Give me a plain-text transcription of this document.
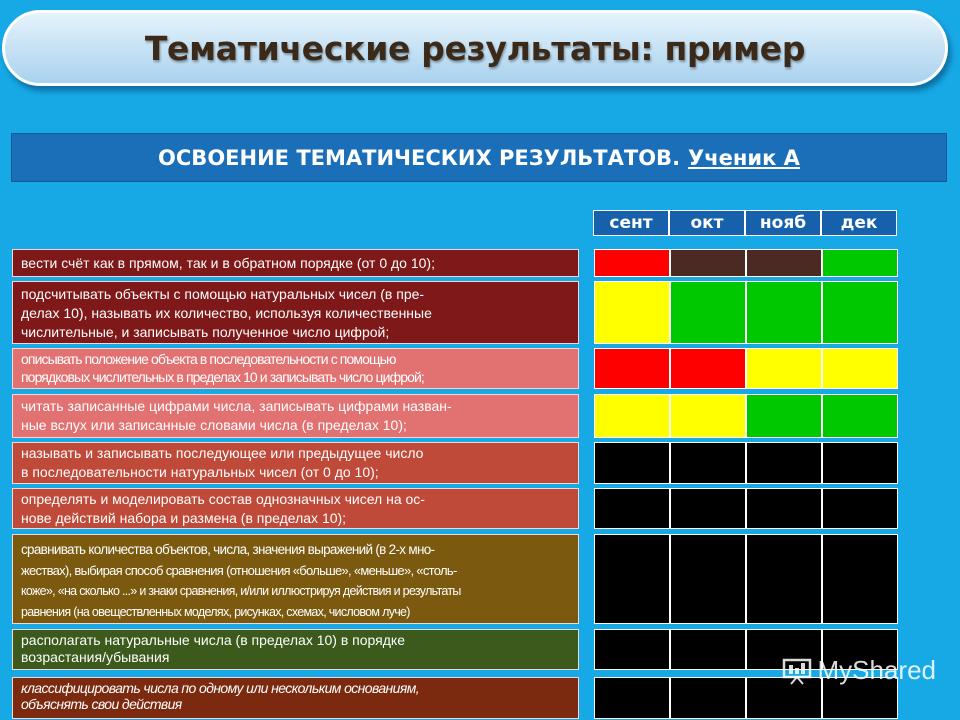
Тематические результаты: пример
ОСВОЕНИЕ ТЕМАТИЧЕСКИХ РЕЗУЛЬТАТОВ. Ученик А
сент	окт	нояб	дек
вести счёт как в прямом, так и в обратном порядке (от 0 до 10);
подсчитывать объекты с помощью натуральных чисел (в пре-
делах 10), называть их количество, используя количественные
числительные, и записывать полученное число цифрой;
описывать положение объекта в последовательности с помощью
порядковых числительных в пределах 10 и записывать число цифрой;
читать записанные цифрами числа, записывать цифрами назван-
ные вслух или записанные словами числа (в пределах 10);
называть и записывать последующее или предыдущее число
в последовательности натуральных чисел (от 0 до 10);
определять и моделировать состав однозначных чисел на ос-
нове действий набора и размена (в пределах 10);
сравнивать количества объектов, числа, значения выражений (в 2-х мно-
жествах), выбирая способ сравнения (отношения «больше», «меньше», «столь-
коже», «на сколько ...» и знаки сравнения, и/или иллюстрируя действия и результаты
равнения (на овеществленных моделях, рисунках, схемах, числовом луче)
располагать натуральные числа (в пределах 10) в порядке
возрастания/убывания
классифицировать числа по одному или нескольким основаниям,
объяснять свои действия
MyShared
